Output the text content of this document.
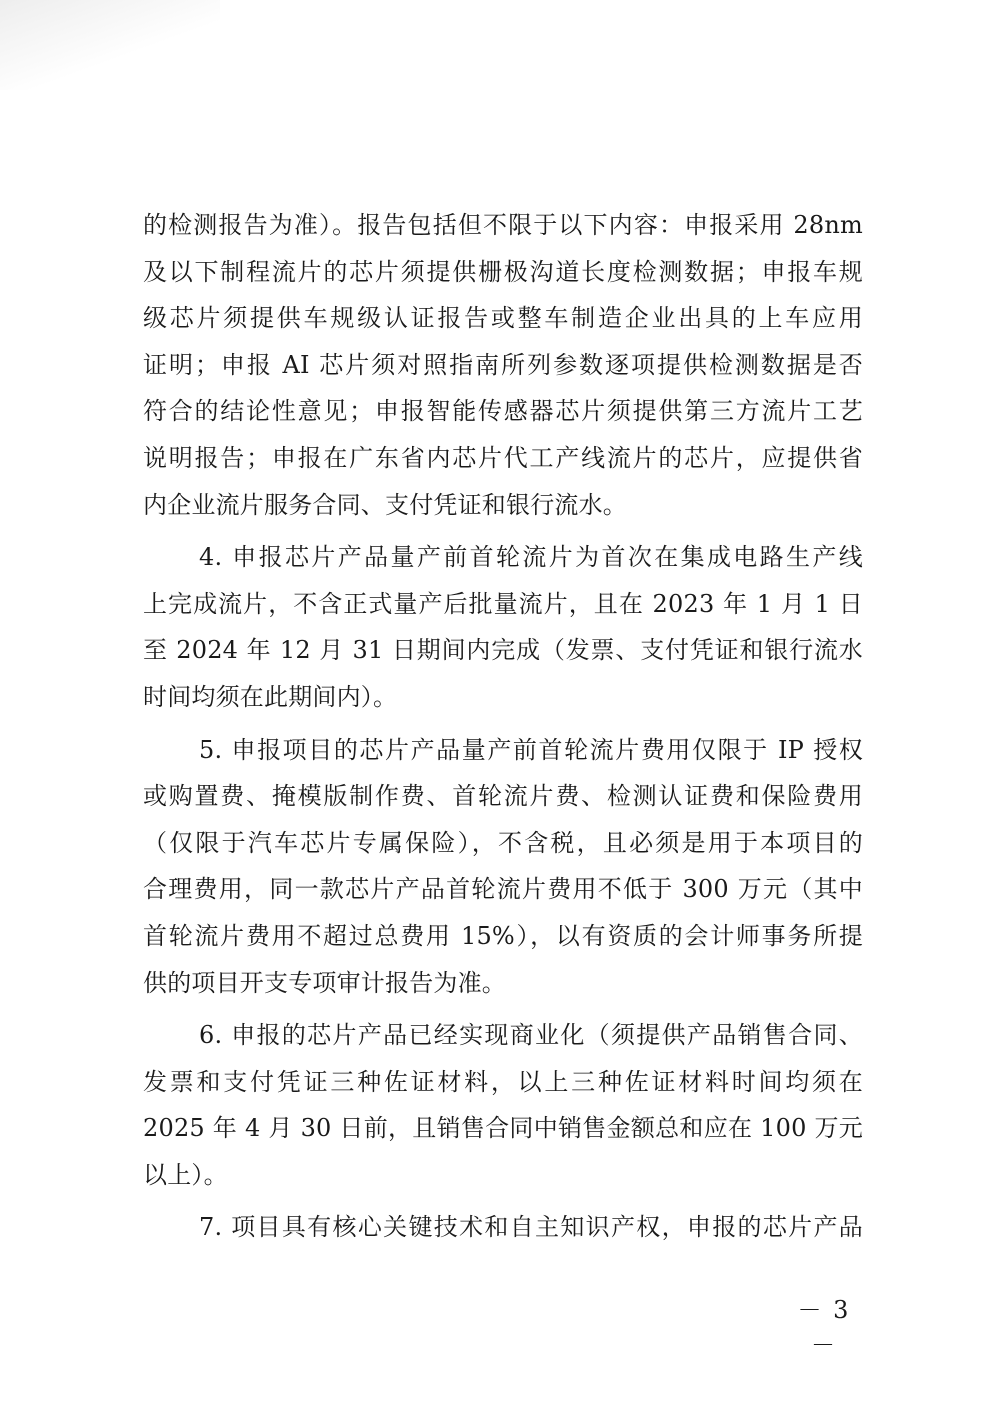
的检测报告为准）。报告包括但不限于以下内容：申报采用 28nm
及以下制程流片的芯片须提供栅极沟道长度检测数据；申报车规
级芯片须提供车规级认证报告或整车制造企业出具的上车应用
证明；申报 AI 芯片须对照指南所列参数逐项提供检测数据是否
符合的结论性意见；申报智能传感器芯片须提供第三方流片工艺
说明报告；申报在广东省内芯片代工产线流片的芯片，应提供省
内企业流片服务合同、支付凭证和银行流水。
4. 申报芯片产品量产前首轮流片为首次在集成电路生产线
上完成流片，不含正式量产后批量流片，且在 2023 年 1 月 1 日
至 2024 年 12 月 31 日期间内完成（发票、支付凭证和银行流水
时间均须在此期间内）。
5. 申报项目的芯片产品量产前首轮流片费用仅限于 IP 授权
或购置费、掩模版制作费、首轮流片费、检测认证费和保险费用
（仅限于汽车芯片专属保险），不含税，且必须是用于本项目的
合理费用，同一款芯片产品首轮流片费用不低于 300 万元（其中
首轮流片费用不超过总费用 15%），以有资质的会计师事务所提
供的项目开支专项审计报告为准。
6. 申报的芯片产品已经实现商业化（须提供产品销售合同、
发票和支付凭证三种佐证材料，以上三种佐证材料时间均须在
2025 年 4 月 30 日前，且销售合同中销售金额总和应在 100 万元
以上）。
7. 项目具有核心关键技术和自主知识产权，申报的芯片产品
－ 3 －
